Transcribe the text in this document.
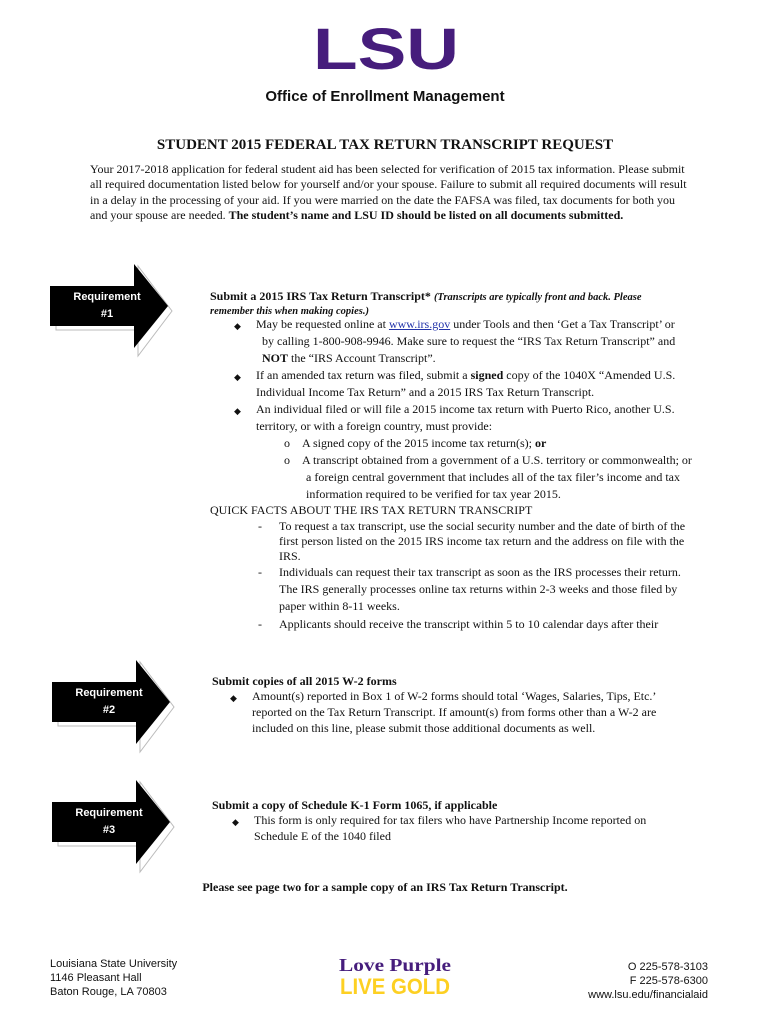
LSU
Office of Enrollment Management
STUDENT 2015 FEDERAL TAX RETURN TRANSCRIPT REQUEST
Your 2017-2018 application for federal student aid has been selected for verification of 2015 tax information. Please submit all required documentation listed below for yourself and/or your spouse. Failure to submit all required documents will result in a delay in the processing of your aid. If you were married on the date the FAFSA was filed, tax documents for both you and your spouse are needed. The student’s name and LSU ID should be listed on all documents submitted.
Requirement
#1
Submit a 2015 IRS Tax Return Transcript* (Transcripts are typically front and back. Please
remember this when making copies.)
◆ May be requested online at www.irs.gov under Tools and then ‘Get a Tax Transcript’ or
by calling 1-800-908-9946. Make sure to request the “IRS Tax Return Transcript” and
NOT the “IRS Account Transcript”.
◆ If an amended tax return was filed, submit a signed copy of the 1040X “Amended U.S.
Individual Income Tax Return” and a 2015 IRS Tax Return Transcript.
◆ An individual filed or will file a 2015 income tax return with Puerto Rico, another U.S.
territory, or with a foreign country, must provide:
o A signed copy of the 2015 income tax return(s); or
o A transcript obtained from a government of a U.S. territory or commonwealth; or
a foreign central government that includes all of the tax filer’s income and tax
information required to be verified for tax year 2015.
QUICK FACTS ABOUT THE IRS TAX RETURN TRANSCRIPT
- To request a tax transcript, use the social security number and the date of birth of the
first person listed on the 2015 IRS income tax return and the address on file with the
IRS.
- Individuals can request their tax transcript as soon as the IRS processes their return.
The IRS generally processes online tax returns within 2-3 weeks and those filed by
paper within 8-11 weeks.
- Applicants should receive the transcript within 5 to 10 calendar days after their
Requirement
#2
Submit copies of all 2015 W-2 forms
◆ Amount(s) reported in Box 1 of W-2 forms should total ‘Wages, Salaries, Tips, Etc.’
reported on the Tax Return Transcript. If amount(s) from forms other than a W-2 are
included on this line, please submit those additional documents as well.
Requirement
#3
Submit a copy of Schedule K-1 Form 1065, if applicable
◆ This form is only required for tax filers who have Partnership Income reported on
Schedule E of the 1040 filed
Please see page two for a sample copy of an IRS Tax Return Transcript.
Louisiana State University
1146 Pleasant Hall
Baton Rouge, LA 70803
Love Purple
LIVE GOLD
O 225-578-3103
F 225-578-6300
www.lsu.edu/financialaid
